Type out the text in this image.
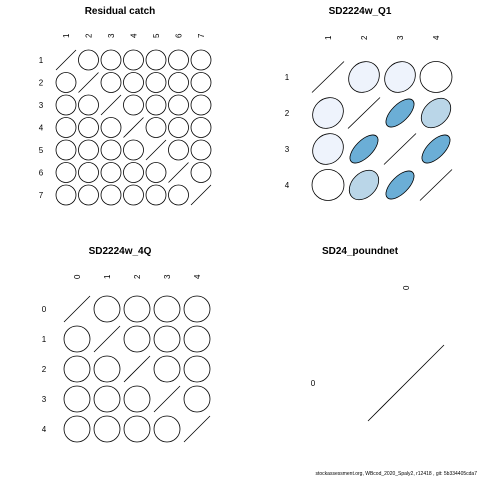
Residual catch
1 2 3 4 5 6 7
1
2
3
4
5
6
7
SD2224w_Q1
1	2	3	4
1
2
3
4
SD2224w_4Q
0	1	2	3	4
0
1
2
3
4
SD24_poundnet
0
0
stockassessment.org, WBcod_2020_Spaly2, r12418 , git: 5b334405cda7
